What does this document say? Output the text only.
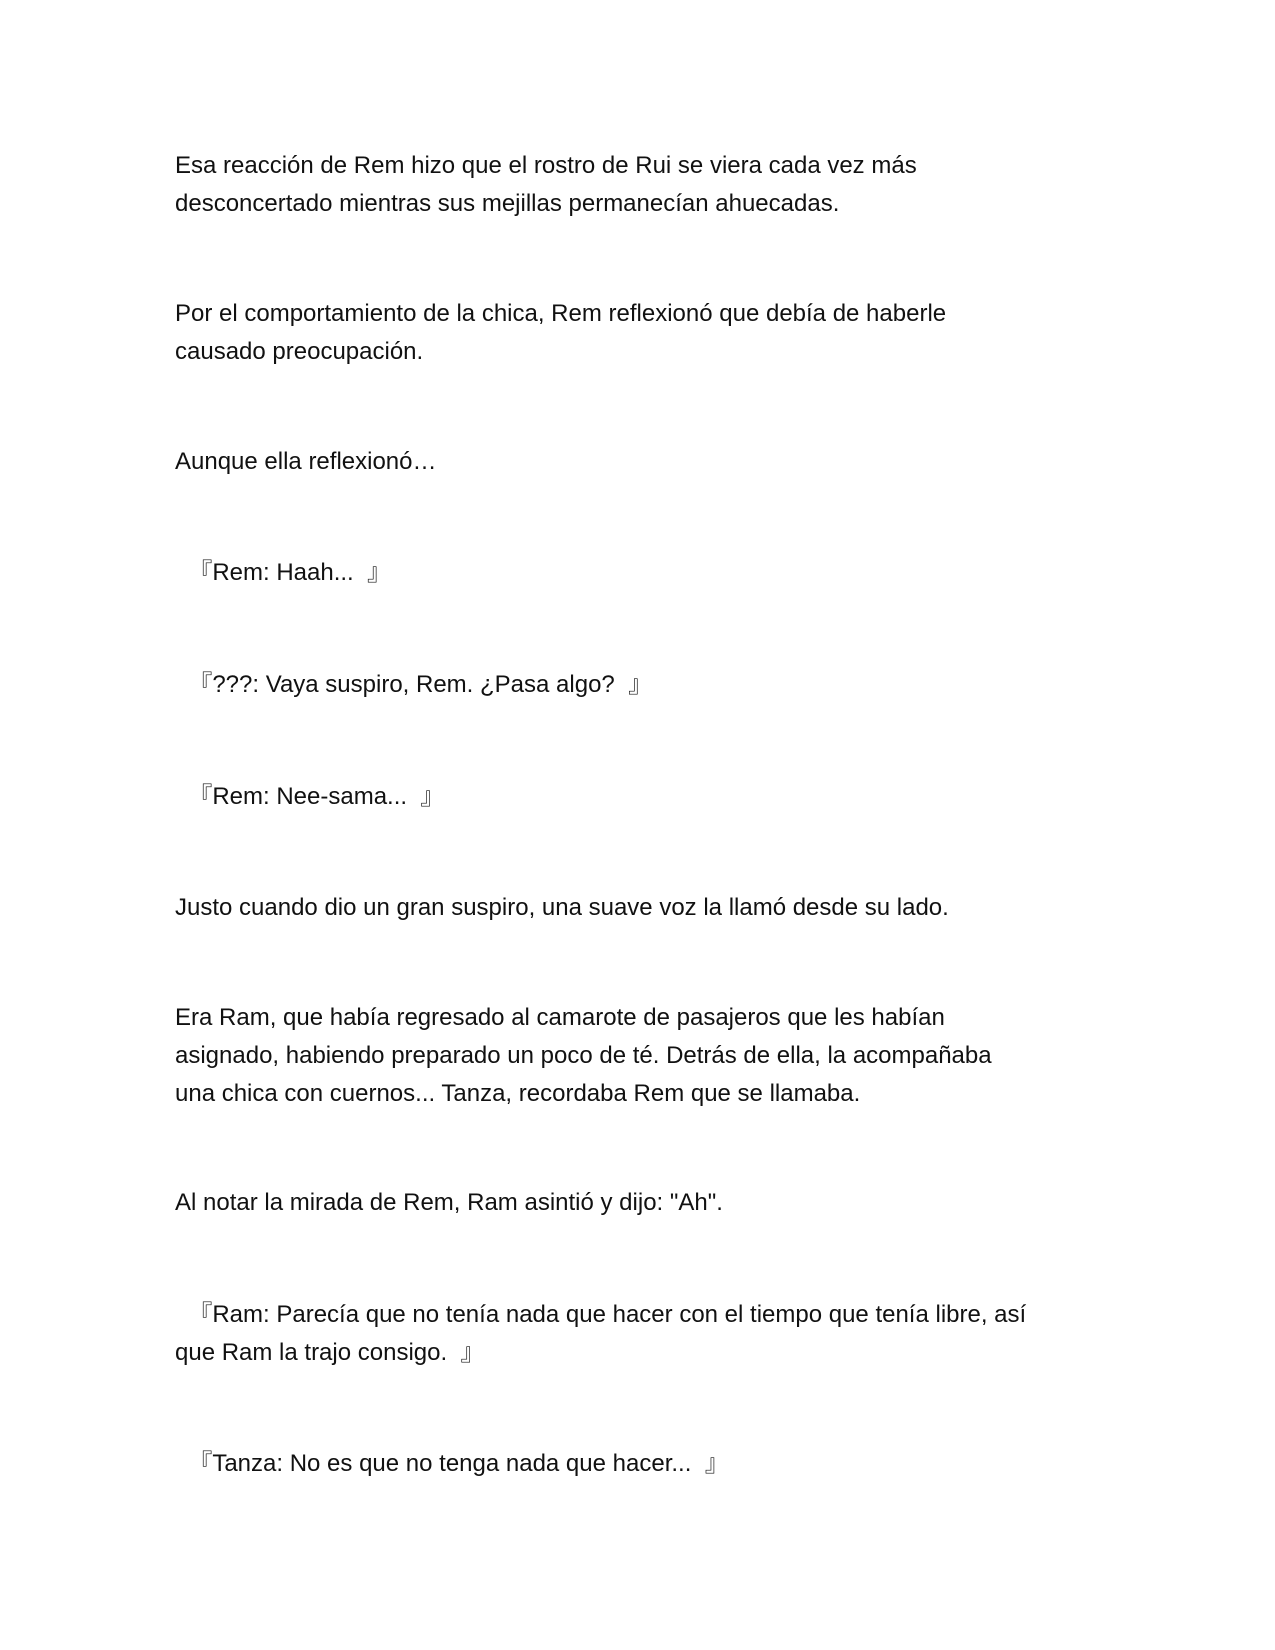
Esa reacción de Rem hizo que el rostro de Rui se viera cada vez más
desconcertado mientras sus mejillas permanecían ahuecadas.

Por el comportamiento de la chica, Rem reflexionó que debía de haberle
causado preocupación.

Aunque ella reflexionó…

『Rem: Haah...  』

『???: Vaya suspiro, Rem. ¿Pasa algo?  』

『Rem: Nee-sama...  』

Justo cuando dio un gran suspiro, una suave voz la llamó desde su lado.

Era Ram, que había regresado al camarote de pasajeros que les habían
asignado, habiendo preparado un poco de té. Detrás de ella, la acompañaba
una chica con cuernos... Tanza, recordaba Rem que se llamaba.

Al notar la mirada de Rem, Ram asintió y dijo: "Ah".

『Ram: Parecía que no tenía nada que hacer con el tiempo que tenía libre, así
que Ram la trajo consigo.  』

『Tanza: No es que no tenga nada que hacer...  』
